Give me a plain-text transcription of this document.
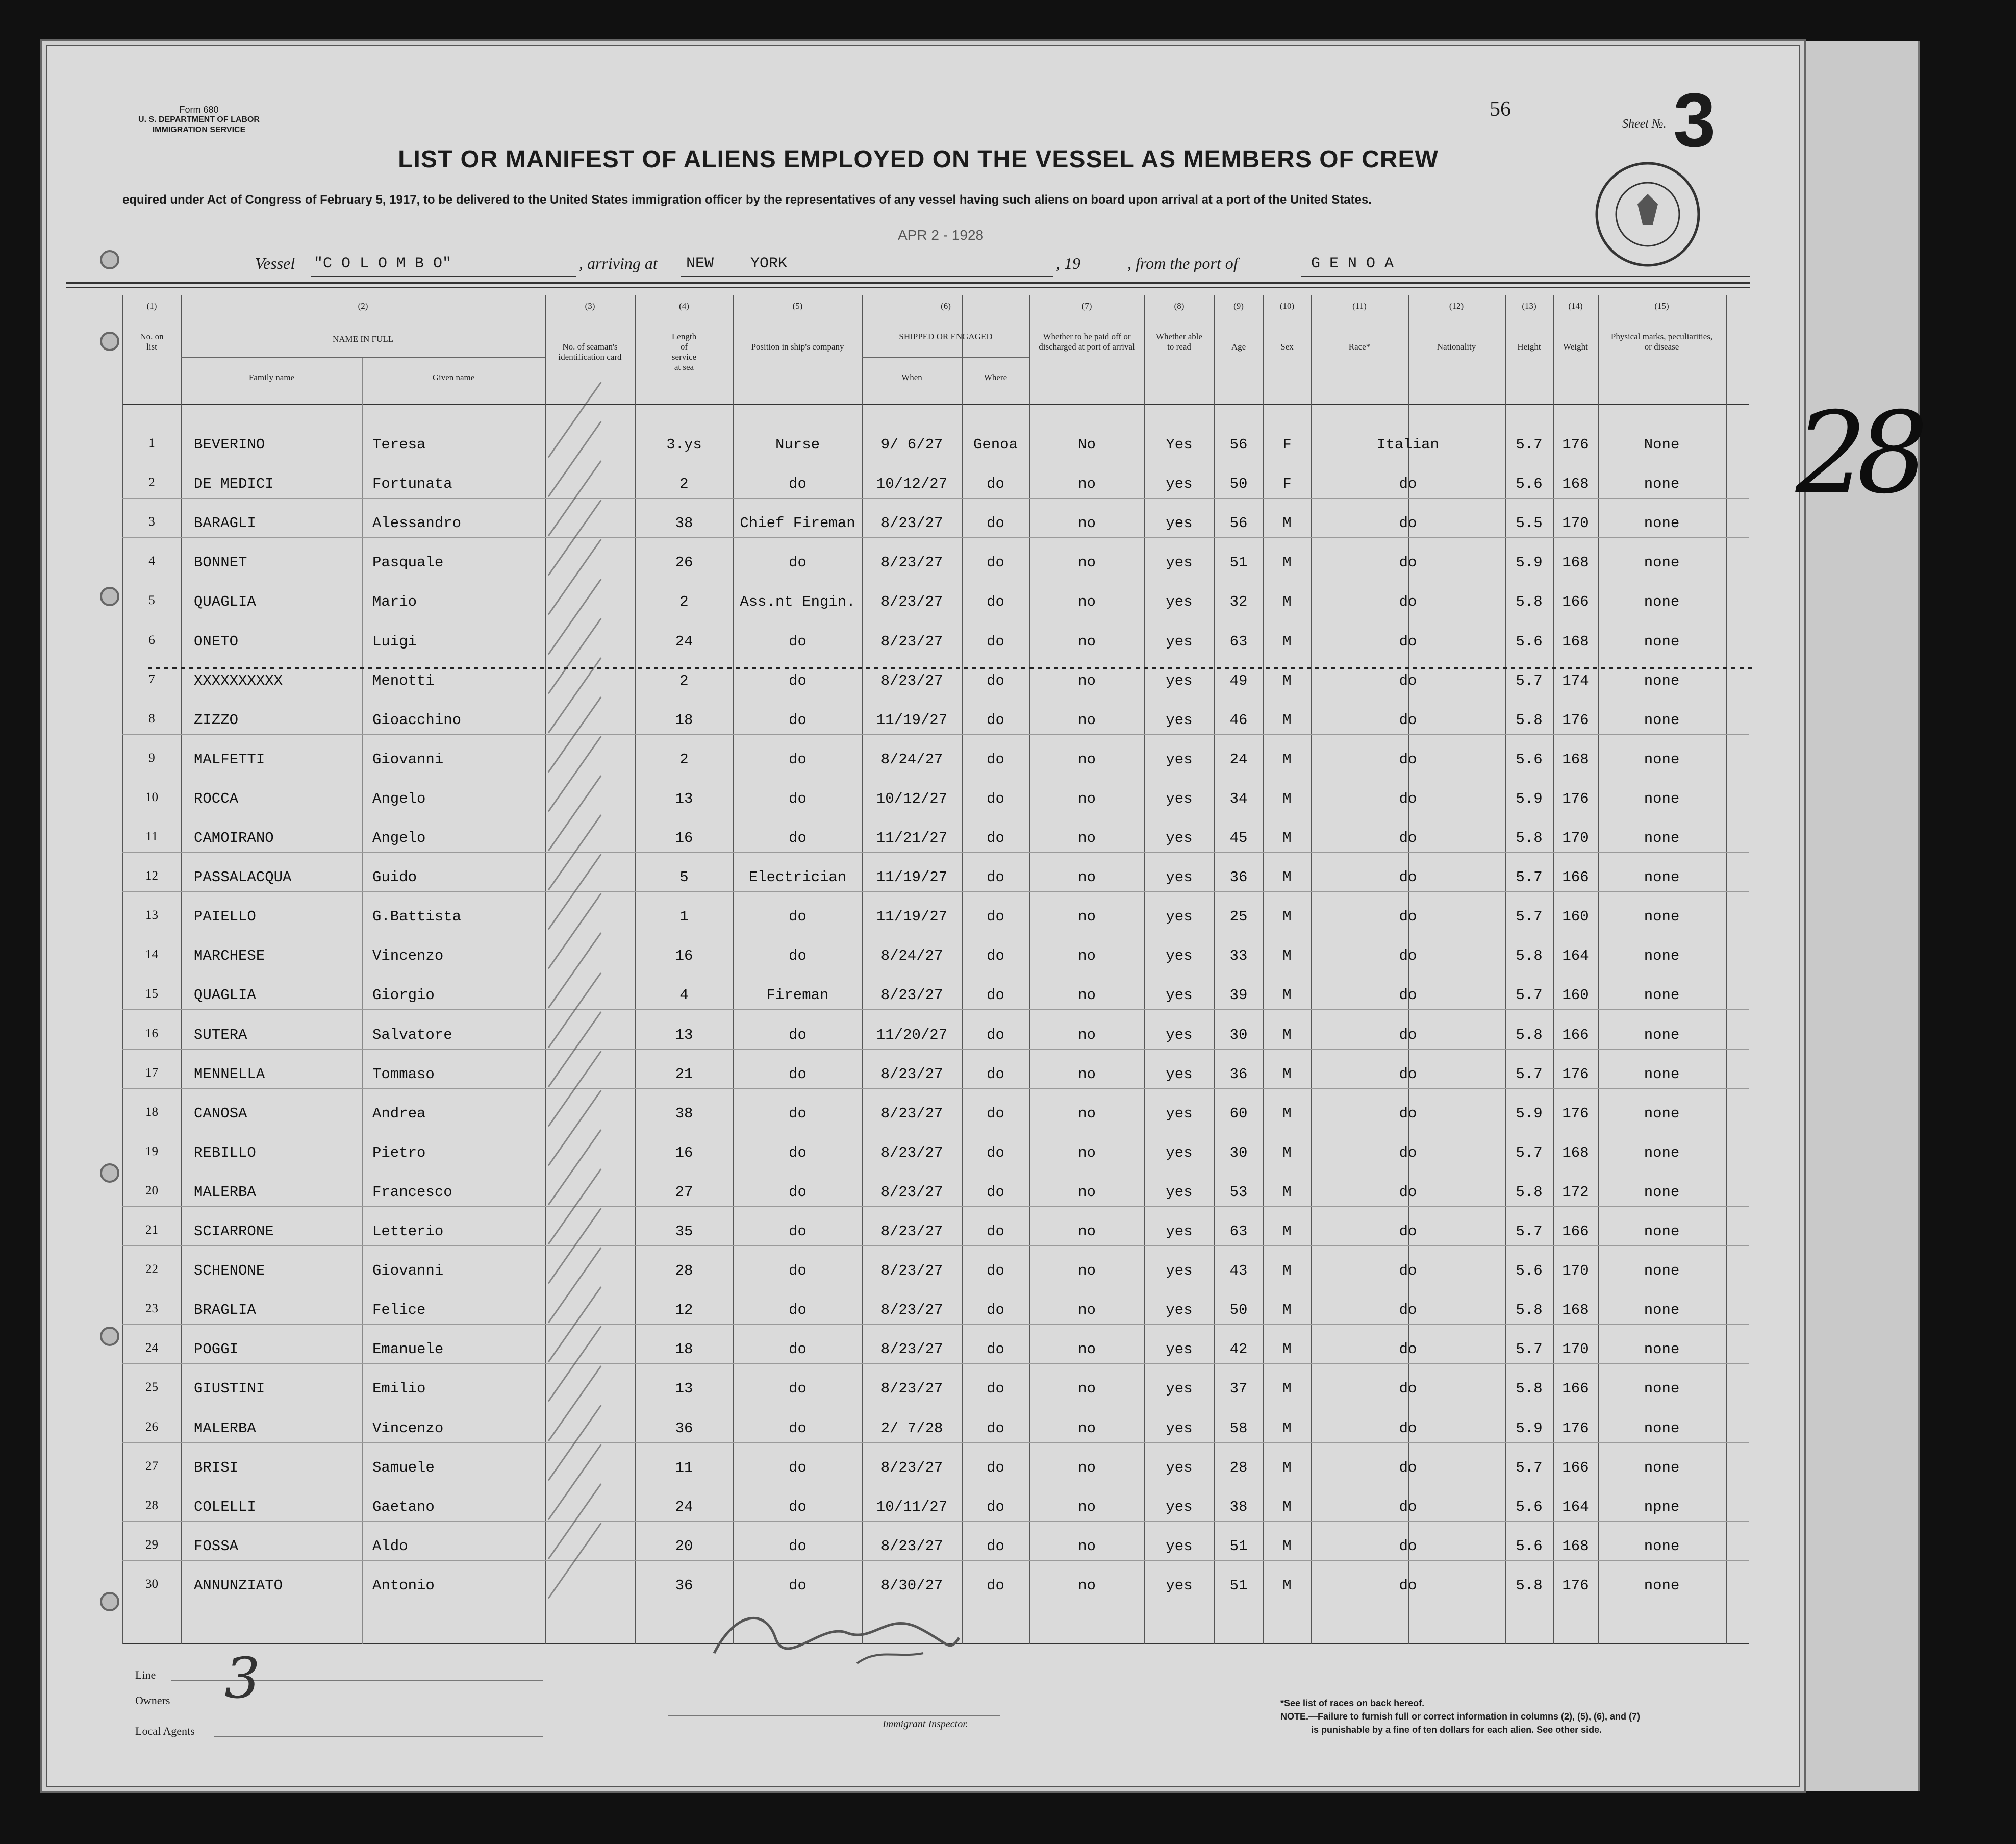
Form 680
U. S. DEPARTMENT OF LABOR
IMMIGRATION SERVICE
56
Sheet №. 3
LIST OR MANIFEST OF ALIENS EMPLOYED ON THE VESSEL AS MEMBERS OF CREW
equired under Act of Congress of February 5, 1917, to be delivered to the United States immigration officer by the representatives of any vessel having such aliens on board upon arrival at a port of the United States.
APR 2 - 1928
Vessel "C O L O M B O"	, arriving at NEW    YORK	, 19	, from the port of	G E N O A
(1)
No. on list
(2)
NAME IN FULL
Family name	Given name
(3)
No. of seaman's identification card
(4)
Length of service at sea
(5)
Position in ship's company
(6)
SHIPPED OR ENGAGED
When	Where
(7)
Whether to be paid off or discharged at port of arrival
(8)
Whether able to read
(9)
Age
(10)
Sex
(11)
Race*
(12)
Nationality
(13)
Height
(14)
Weight
(15)
Physical marks, peculiarities, or disease
1	BEVERINO	Teresa	3.ys	Nurse	9/ 6/27	Genoa	No	Yes	56	F	Italian	5.7	176	None
2	DE MEDICI	Fortunata	2	do	10/12/27	do	no	yes	50	F	do	5.6	168	none
3	BARAGLI	Alessandro	38	Chief Fireman	8/23/27	do	no	yes	56	M	do	5.5	170	none
4	BONNET	Pasquale	26	do	8/23/27	do	no	yes	51	M	do	5.9	168	none
5	QUAGLIA	Mario	2	Ass.nt Engin.	8/23/27	do	no	yes	32	M	do	5.8	166	none
6	ONETO	Luigi	24	do	8/23/27	do	no	yes	63	M	do	5.6	168	none
7	XXXXXXXXXX	Menotti	2	do	8/23/27	do	no	yes	49	M	do	5.7	174	none
8	ZIZZO	Gioacchino	18	do	11/19/27	do	no	yes	46	M	do	5.8	176	none
9	MALFETTI	Giovanni	2	do	8/24/27	do	no	yes	24	M	do	5.6	168	none
10	ROCCA	Angelo	13	do	10/12/27	do	no	yes	34	M	do	5.9	176	none
11	CAMOIRANO	Angelo	16	do	11/21/27	do	no	yes	45	M	do	5.8	170	none
12	PASSALACQUA	Guido	5	Electrician	11/19/27	do	no	yes	36	M	do	5.7	166	none
13	PAIELLO	G.Battista	1	do	11/19/27	do	no	yes	25	M	do	5.7	160	none
14	MARCHESE	Vincenzo	16	do	8/24/27	do	no	yes	33	M	do	5.8	164	none
15	QUAGLIA	Giorgio	4	Fireman	8/23/27	do	no	yes	39	M	do	5.7	160	none
16	SUTERA	Salvatore	13	do	11/20/27	do	no	yes	30	M	do	5.8	166	none
17	MENNELLA	Tommaso	21	do	8/23/27	do	no	yes	36	M	do	5.7	176	none
18	CANOSA	Andrea	38	do	8/23/27	do	no	yes	60	M	do	5.9	176	none
19	REBILLO	Pietro	16	do	8/23/27	do	no	yes	30	M	do	5.7	168	none
20	MALERBA	Francesco	27	do	8/23/27	do	no	yes	53	M	do	5.8	172	none
21	SCIARRONE	Letterio	35	do	8/23/27	do	no	yes	63	M	do	5.7	166	none
22	SCHENONE	Giovanni	28	do	8/23/27	do	no	yes	43	M	do	5.6	170	none
23	BRAGLIA	Felice	12	do	8/23/27	do	no	yes	50	M	do	5.8	168	none
24	POGGI	Emanuele	18	do	8/23/27	do	no	yes	42	M	do	5.7	170	none
25	GIUSTINI	Emilio	13	do	8/23/27	do	no	yes	37	M	do	5.8	166	none
26	MALERBA	Vincenzo	36	do	2/ 7/28	do	no	yes	58	M	do	5.9	176	none
27	BRISI	Samuele	11	do	8/23/27	do	no	yes	28	M	do	5.7	166	none
28	COLELLI	Gaetano	24	do	10/11/27	do	no	yes	38	M	do	5.6	164	npne
29	FOSSA	Aldo	20	do	8/23/27	do	no	yes	51	M	do	5.6	168	none
30	ANNUNZIATO	Antonio	36	do	8/30/27	do	no	yes	51	M	do	5.8	176	none
28
Line
Owners
Local Agents
3
Immigrant Inspector.
*See list of races on back hereof.
NOTE.—Failure to furnish full or correct information in columns (2), (5), (6), and (7)
is punishable by a fine of ten dollars for each alien. See other side.
